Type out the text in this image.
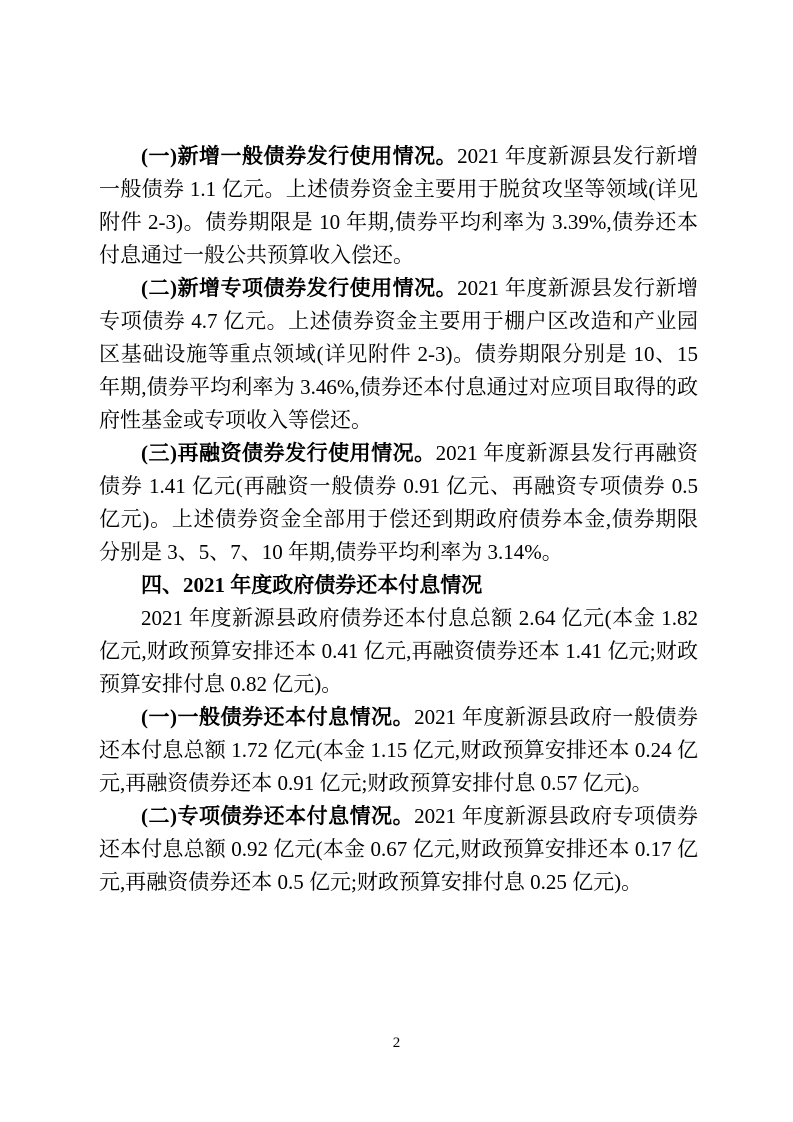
(一)新增一般债券发行使用情况。2021 年度新源县发行新增一般债券 1.1 亿元。上述债券资金主要用于脱贫攻坚等领域(详见附件 2-3)。债券期限是 10 年期,债券平均利率为 3.39%,债券还本付息通过一般公共预算收入偿还。

(二)新增专项债券发行使用情况。2021 年度新源县发行新增专项债券 4.7 亿元。上述债券资金主要用于棚户区改造和产业园区基础设施等重点领域(详见附件 2-3)。债券期限分别是 10、15 年期,债券平均利率为 3.46%,债券还本付息通过对应项目取得的政府性基金或专项收入等偿还。

(三)再融资债券发行使用情况。2021 年度新源县发行再融资债券 1.41 亿元(再融资一般债券 0.91 亿元、再融资专项债券 0.5 亿元)。上述债券资金全部用于偿还到期政府债券本金,债券期限分别是 3、5、7、10 年期,债券平均利率为 3.14%。

四、2021 年度政府债券还本付息情况

2021 年度新源县政府债券还本付息总额 2.64 亿元(本金 1.82 亿元,财政预算安排还本 0.41 亿元,再融资债券还本 1.41 亿元;财政预算安排付息 0.82 亿元)。

(一)一般债券还本付息情况。2021 年度新源县政府一般债券还本付息总额 1.72 亿元(本金 1.15 亿元,财政预算安排还本 0.24 亿元,再融资债券还本 0.91 亿元;财政预算安排付息 0.57 亿元)。

(二)专项债券还本付息情况。2021 年度新源县政府专项债券还本付息总额 0.92 亿元(本金 0.67 亿元,财政预算安排还本 0.17 亿元,再融资债券还本 0.5 亿元;财政预算安排付息 0.25 亿元)。

2
